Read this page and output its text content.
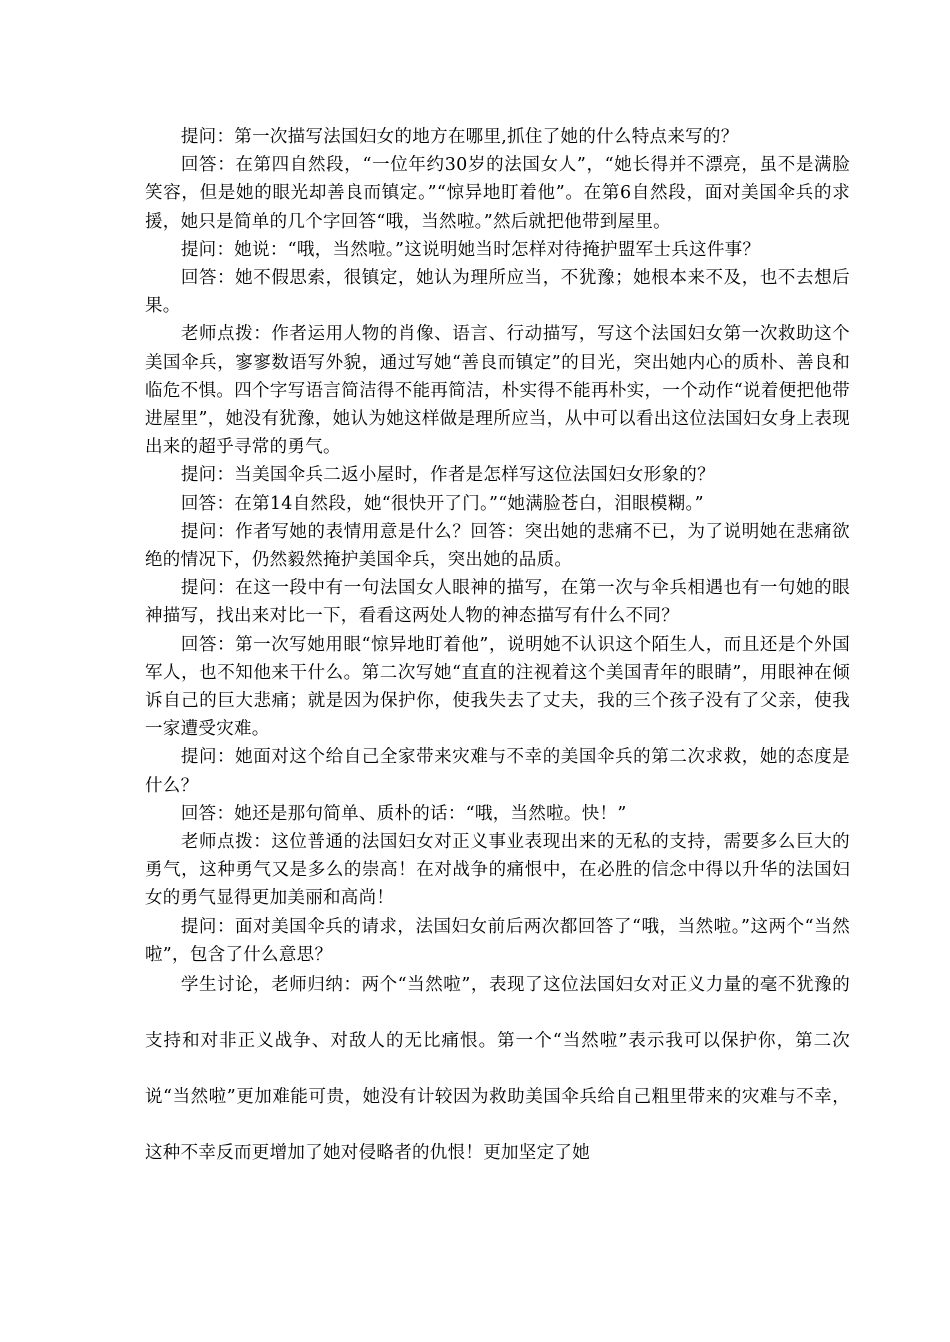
提问：第一次描写法国妇女的地方在哪里,抓住了她的什么特点来写的？

回答：在第四自然段，“一位年约30岁的法国女人”，“她长得并不漂亮，虽不是满脸笑容，但是她的眼光却善良而镇定。”“惊异地盯着他”。在第6自然段，面对美国伞兵的求援，她只是简单的几个字回答“哦，当然啦。”然后就把他带到屋里。

提问：她说：“哦，当然啦。”这说明她当时怎样对待掩护盟军士兵这件事？

回答：她不假思索，很镇定，她认为理所应当，不犹豫；她根本来不及，也不去想后果。

老师点拨：作者运用人物的肖像、语言、行动描写，写这个法国妇女第一次救助这个美国伞兵，寥寥数语写外貌，通过写她“善良而镇定”的目光，突出她内心的质朴、善良和临危不惧。四个字写语言简洁得不能再简洁，朴实得不能再朴实，一个动作“说着便把他带进屋里”，她没有犹豫，她认为她这样做是理所应当，从中可以看出这位法国妇女身上表现出来的超乎寻常的勇气。

提问：当美国伞兵二返小屋时，作者是怎样写这位法国妇女形象的？

回答：在第14自然段，她“很快开了门。”“她满脸苍白，泪眼模糊。”

提问：作者写她的表情用意是什么？回答：突出她的悲痛不已，为了说明她在悲痛欲绝的情况下，仍然毅然掩护美国伞兵，突出她的品质。

提问：在这一段中有一句法国女人眼神的描写，在第一次与伞兵相遇也有一句她的眼神描写，找出来对比一下，看看这两处人物的神态描写有什么不同？

回答：第一次写她用眼“惊异地盯着他”，说明她不认识这个陌生人，而且还是个外国军人，也不知他来干什么。第二次写她“直直的注视着这个美国青年的眼睛”，用眼神在倾诉自己的巨大悲痛；就是因为保护你，使我失去了丈夫，我的三个孩子没有了父亲，使我一家遭受灾难。

提问：她面对这个给自己全家带来灾难与不幸的美国伞兵的第二次求救，她的态度是什么？

回答：她还是那句简单、质朴的话：“哦，当然啦。快！”

老师点拨：这位普通的法国妇女对正义事业表现出来的无私的支持，需要多么巨大的勇气，这种勇气又是多么的崇高！在对战争的痛恨中，在必胜的信念中得以升华的法国妇女的勇气显得更加美丽和高尚！

提问：面对美国伞兵的请求，法国妇女前后两次都回答了“哦，当然啦。”这两个“当然啦”，包含了什么意思？

学生讨论，老师归纳：两个“当然啦”，表现了这位法国妇女对正义力量的毫不犹豫的支持和对非正义战争、对敌人的无比痛恨。第一个“当然啦”表示我可以保护你，第二次说“当然啦”更加难能可贵，她没有计较因为救助美国伞兵给自己粗里带来的灾难与不幸，这种不幸反而更增加了她对侵略者的仇恨！更加坚定了她
